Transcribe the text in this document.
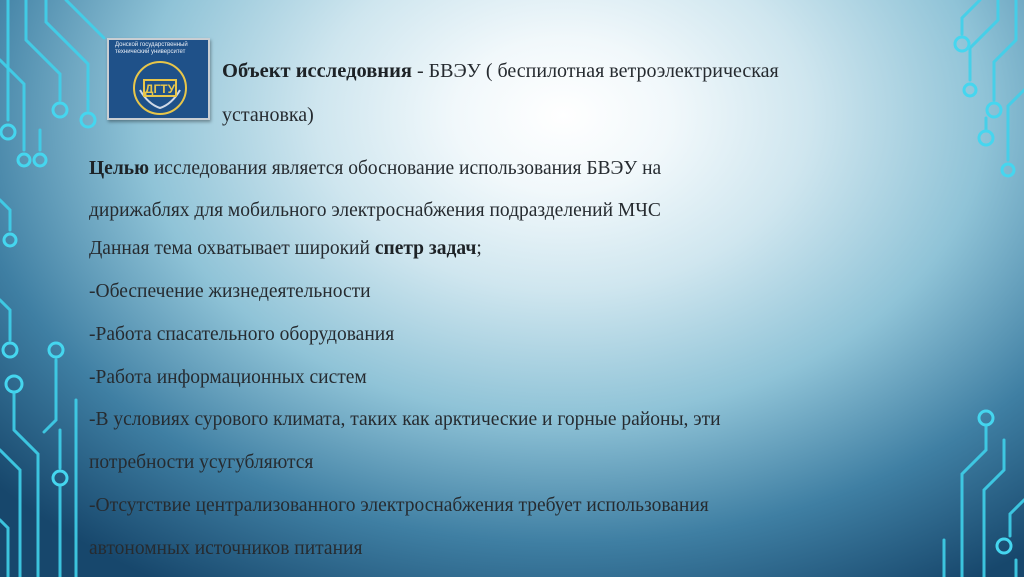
Донской государственный
технический университет
ДГТУ
Объект исследовния - БВЭУ ( беспилотная ветроэлектрическая
установка)
Целью исследования является обоснование использования БВЭУ на
дирижаблях для мобильного электроснабжения подразделений МЧС
Данная тема охватывает широкий спетр задач;
-Обеспечение жизнедеятельности
-Работа спасательного оборудования
-Работа информационных систем
-В условиях сурового климата, таких как арктические и горные районы, эти
потребности усугубляются
-Отсутствие централизованного электроснабжения требует использования
автономных источников питания
